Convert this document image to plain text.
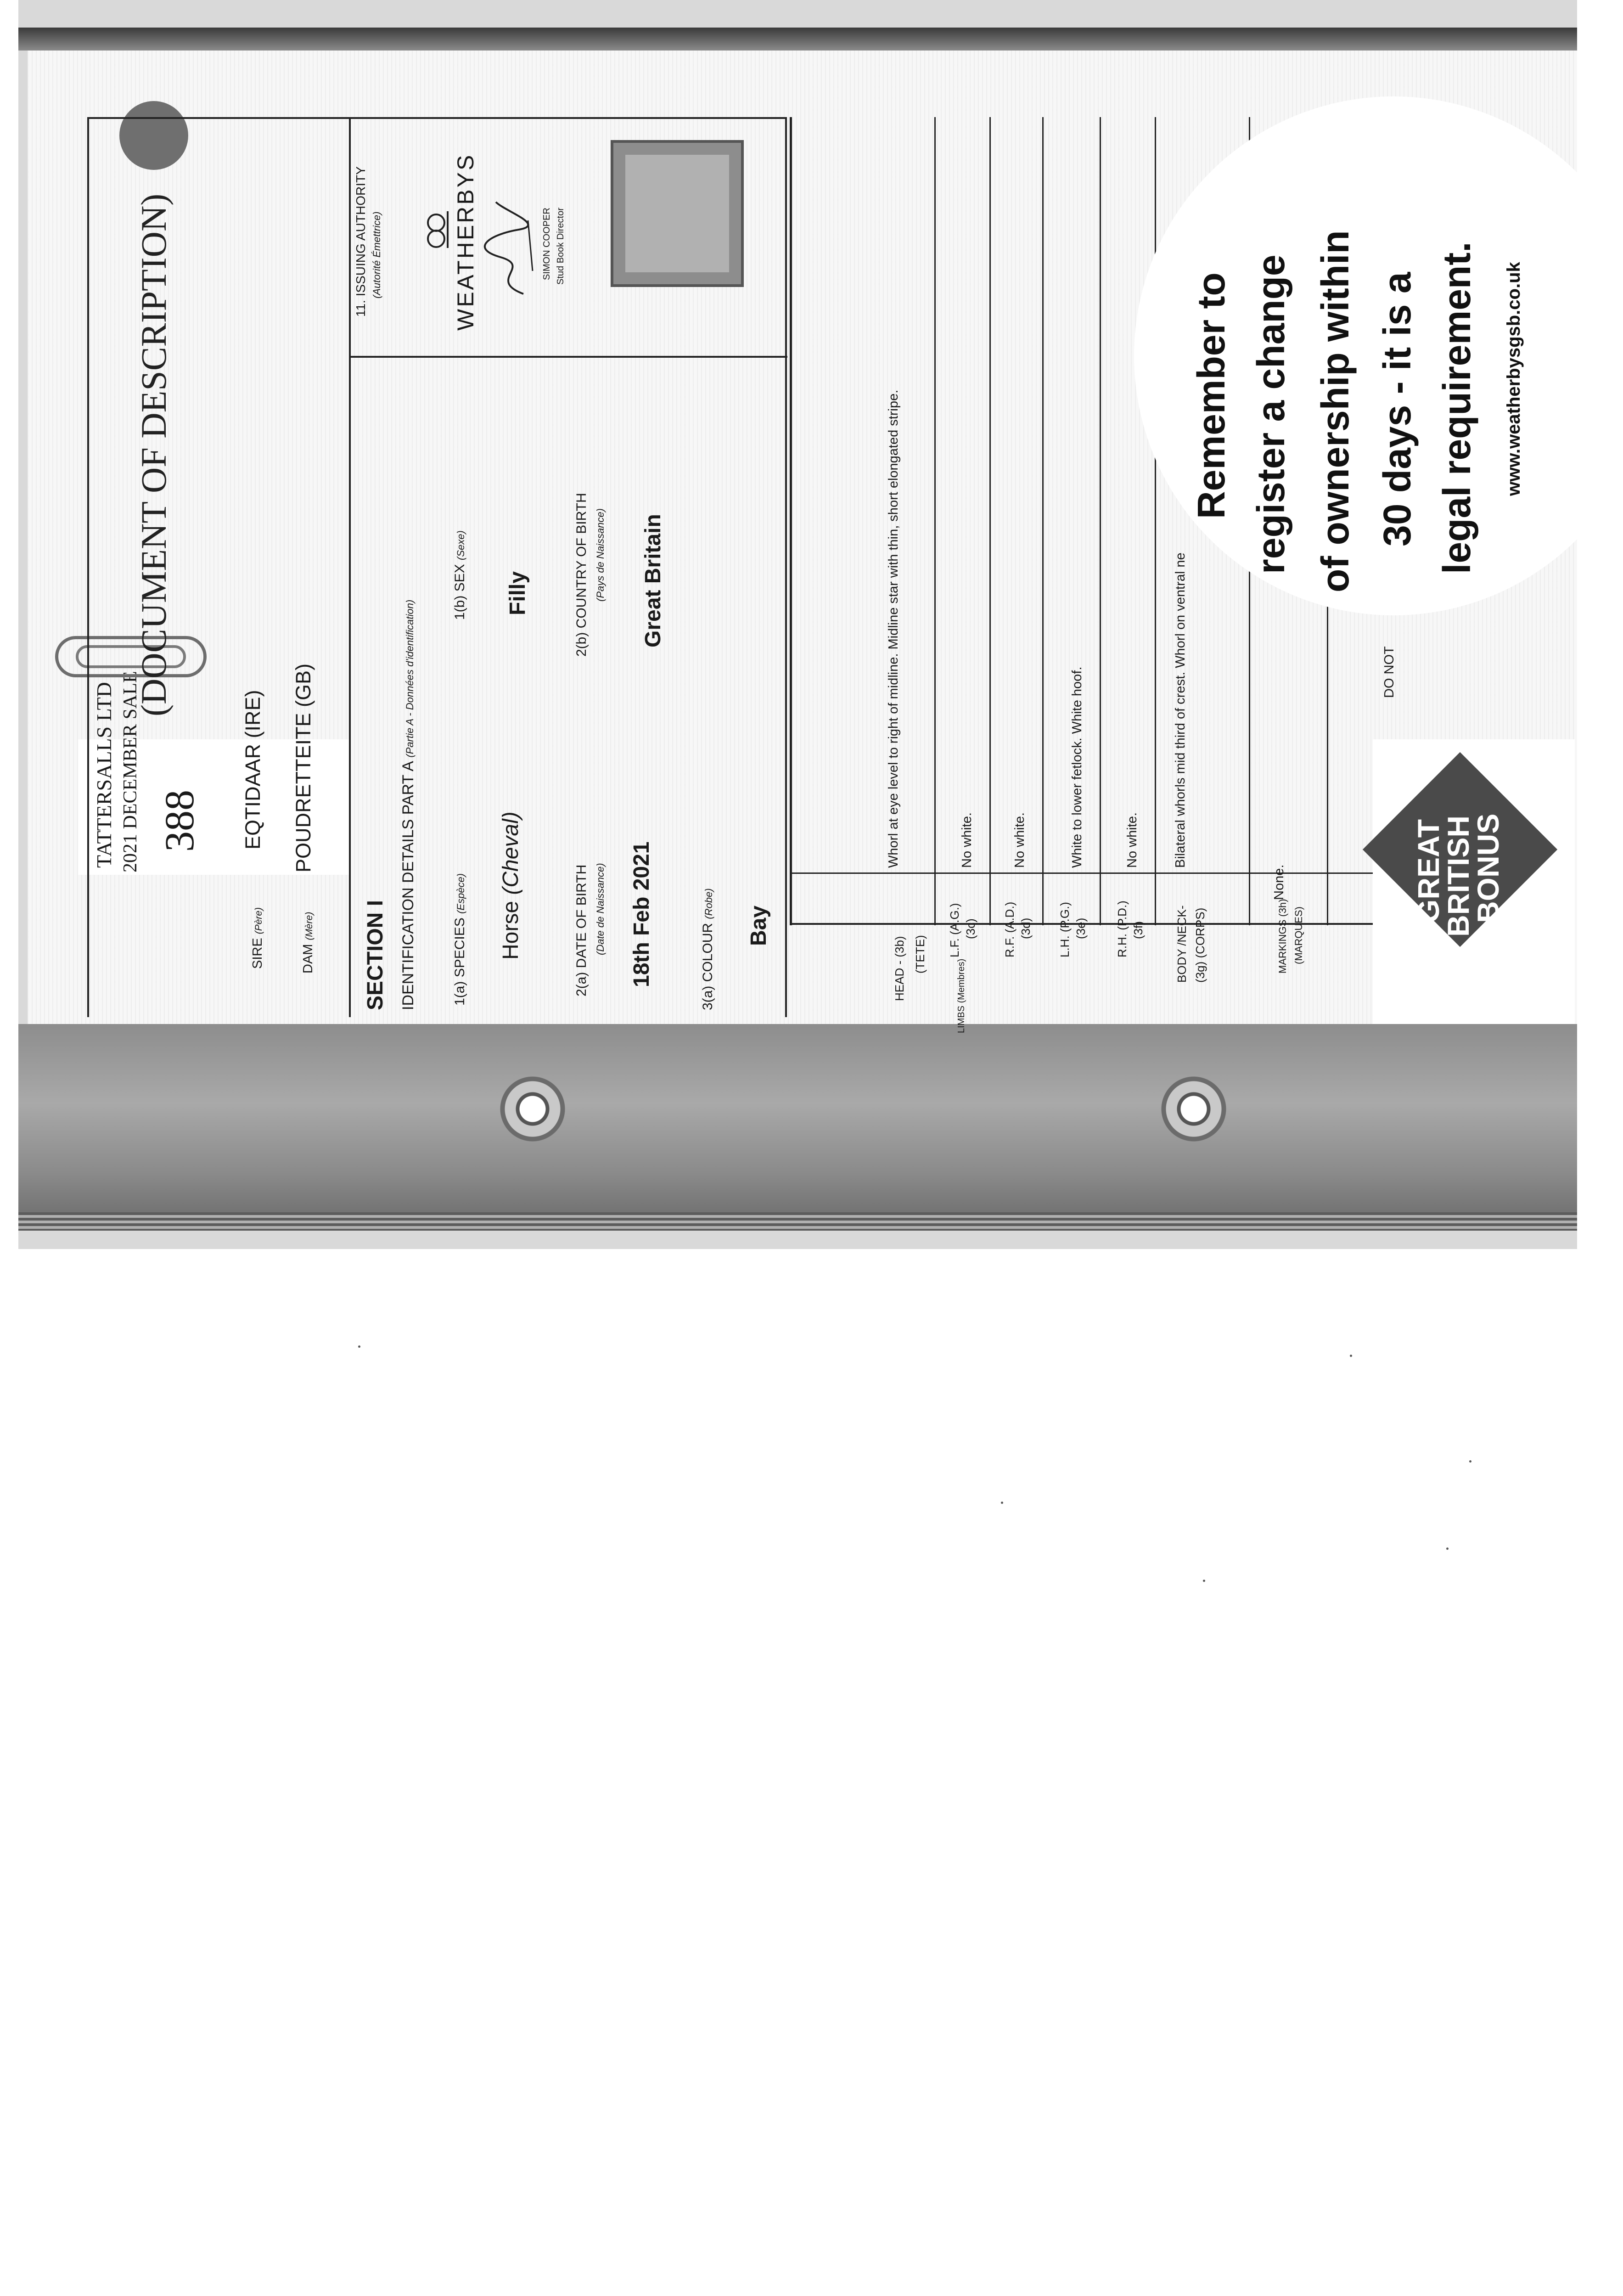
TATTERSALLS LTD 2021 DECEMBER SALE 388
(DOCUMENT OF DESCRIPTION)
SIRE (Père)
EQTIDAAR (IRE)
DAM (Mère)
POUDRETTEITE (GB)
SECTION I IDENTIFICATION DETAILS PART A (Partie A - Données d'identification)
1(a) SPECIES (Espèce)
Horse (Cheval)
1(b) SEX (Sexe)
Filly
2(a) DATE OF BIRTH (Date de Naissance) 18th Feb 2021
2(b) COUNTRY OF BIRTH (Pays de Naissance) Great Britain
3(a) COLOUR (Robe)
Bay
11. ISSUING AUTHORITY (Autorité Émettrice)	WEATHERBYS	SIMON COOPER Stud Book Director
HEAD - (3b) (TETE)
Whorl at eye level to right of midline. Midline star with thin, short elongated stripe.
LIMBS (Membres)
L.F. (A.G.) (3c)
No white.
R.F. (A.D.) (3d)
No white.
L.H. (P.G.) (3e)
White to lower fetlock. White hoof.
R.H. (P.D.) (3f)
No white.
BODY /NECK- (3g) (CORPS)
Bilateral whorls mid third of crest. Whorl on ventral ne
MARKINGS (3h) (MARQUES)
None.
DO NOT
Remember to register a change of ownership within 30 days - it is a legal requirement. www.weatherbysgsb.co.uk
GREAT
BRITISH
BONUS
